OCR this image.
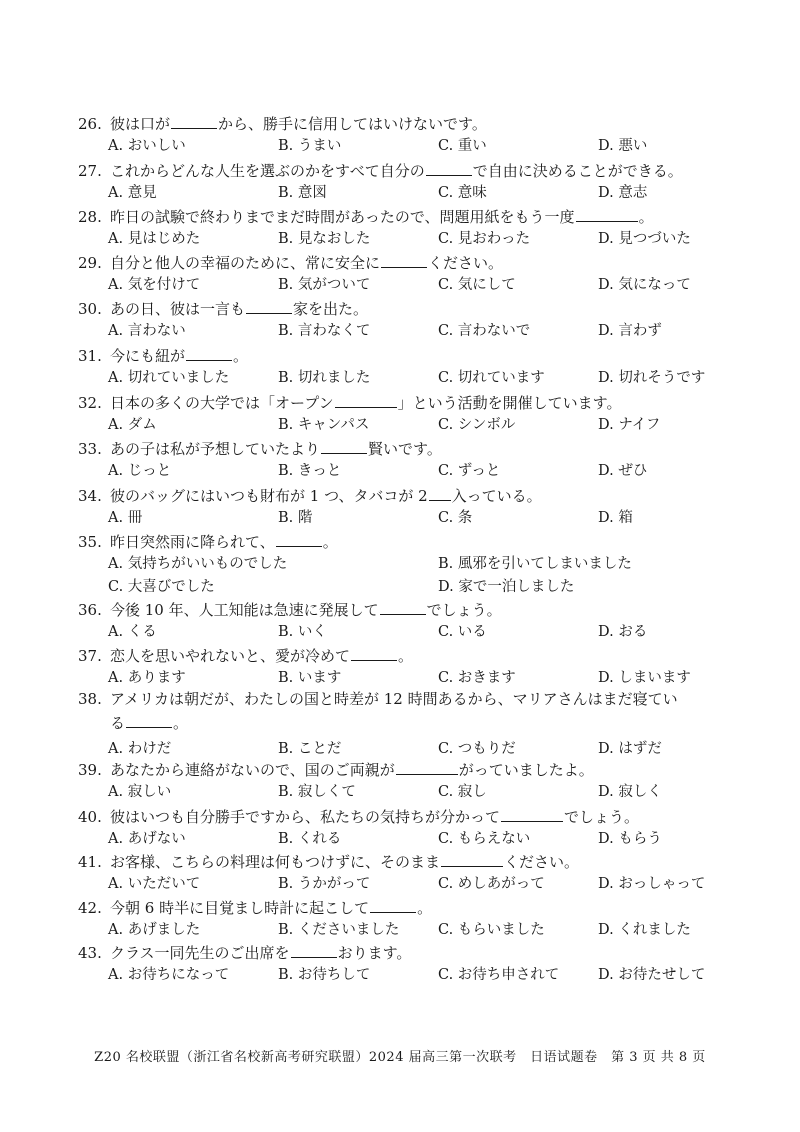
26. 彼は口が	から、勝手に信用してはいけないです。
A. おいしい	B. うまい	C. 重い	D. 悪い
27. これからどんな人生を選ぶのかをすべて自分の	で自由に決めることができる。
A. 意見	B. 意図	C. 意味	D. 意志
28. 昨日の試験で終わりまでまだ時間があったので、問題用紙をもう一度	。
A. 見はじめた	B. 見なおした	C. 見おわった	D. 見つづいた
29. 自分と他人の幸福のために、常に安全に	ください。
A. 気を付けて	B. 気がついて	C. 気にして	D. 気になって
30. あの日、彼は一言も	家を出た。
A. 言わない	B. 言わなくて	C. 言わないで	D. 言わず
31. 今にも紐が	。
A. 切れていました	B. 切れました	C. 切れています	D. 切れそうです
32. 日本の多くの大学では「オープン	」という活動を開催しています。
A. ダム	B. キャンパス	C. シンボル	D. ナイフ
33. あの子は私が予想していたより	賢いです。
A. じっと	B. きっと	C. ずっと	D. ぜひ
34. 彼のバッグにはいつも財布が 1 つ、タバコが 2 入っている。
A. 冊	B. 階	C. 条	D. 箱
35. 昨日突然雨に降られて、	。
A. 気持ちがいいものでした	B. 風邪を引いてしまいました
C. 大喜びでした	D. 家で一泊しました
36. 今後 10 年、人工知能は急速に発展して	でしょう。
A. くる	B. いく	C. いる	D. おる
37. 恋人を思いやれないと、愛が冷めて	。
A. あります	B. います	C. おきます	D. しまいます
38. アメリカは朝だが、わたしの国と時差が 12 時間あるから、マリアさんはまだ寝てい
る	。
A. わけだ	B. ことだ	C. つもりだ	D. はずだ
39. あなたから連絡がないので、国のご両親が	がっていましたよ。
A. 寂しい	B. 寂しくて	C. 寂し	D. 寂しく
40. 彼はいつも自分勝手ですから、私たちの気持ちが分かって	でしょう。
A. あげない	B. くれる	C. もらえない	D. もらう
41. お客様、こちらの料理は何もつけずに、そのまま	ください。
A. いただいて	B. うかがって	C. めしあがって	D. おっしゃって
42. 今朝 6 時半に目覚まし時計に起こして	。
A. あげました	B. くださいました	C. もらいました	D. くれました
43. クラス一同先生のご出席を	おります。
A. お待ちになって	B. お待ちして	C. お待ち申されて	D. お待たせして
Z20 名校联盟（浙江省名校新高考研究联盟）2024 届高三第一次联考　日语试题卷　第 3 页 共 8 页
